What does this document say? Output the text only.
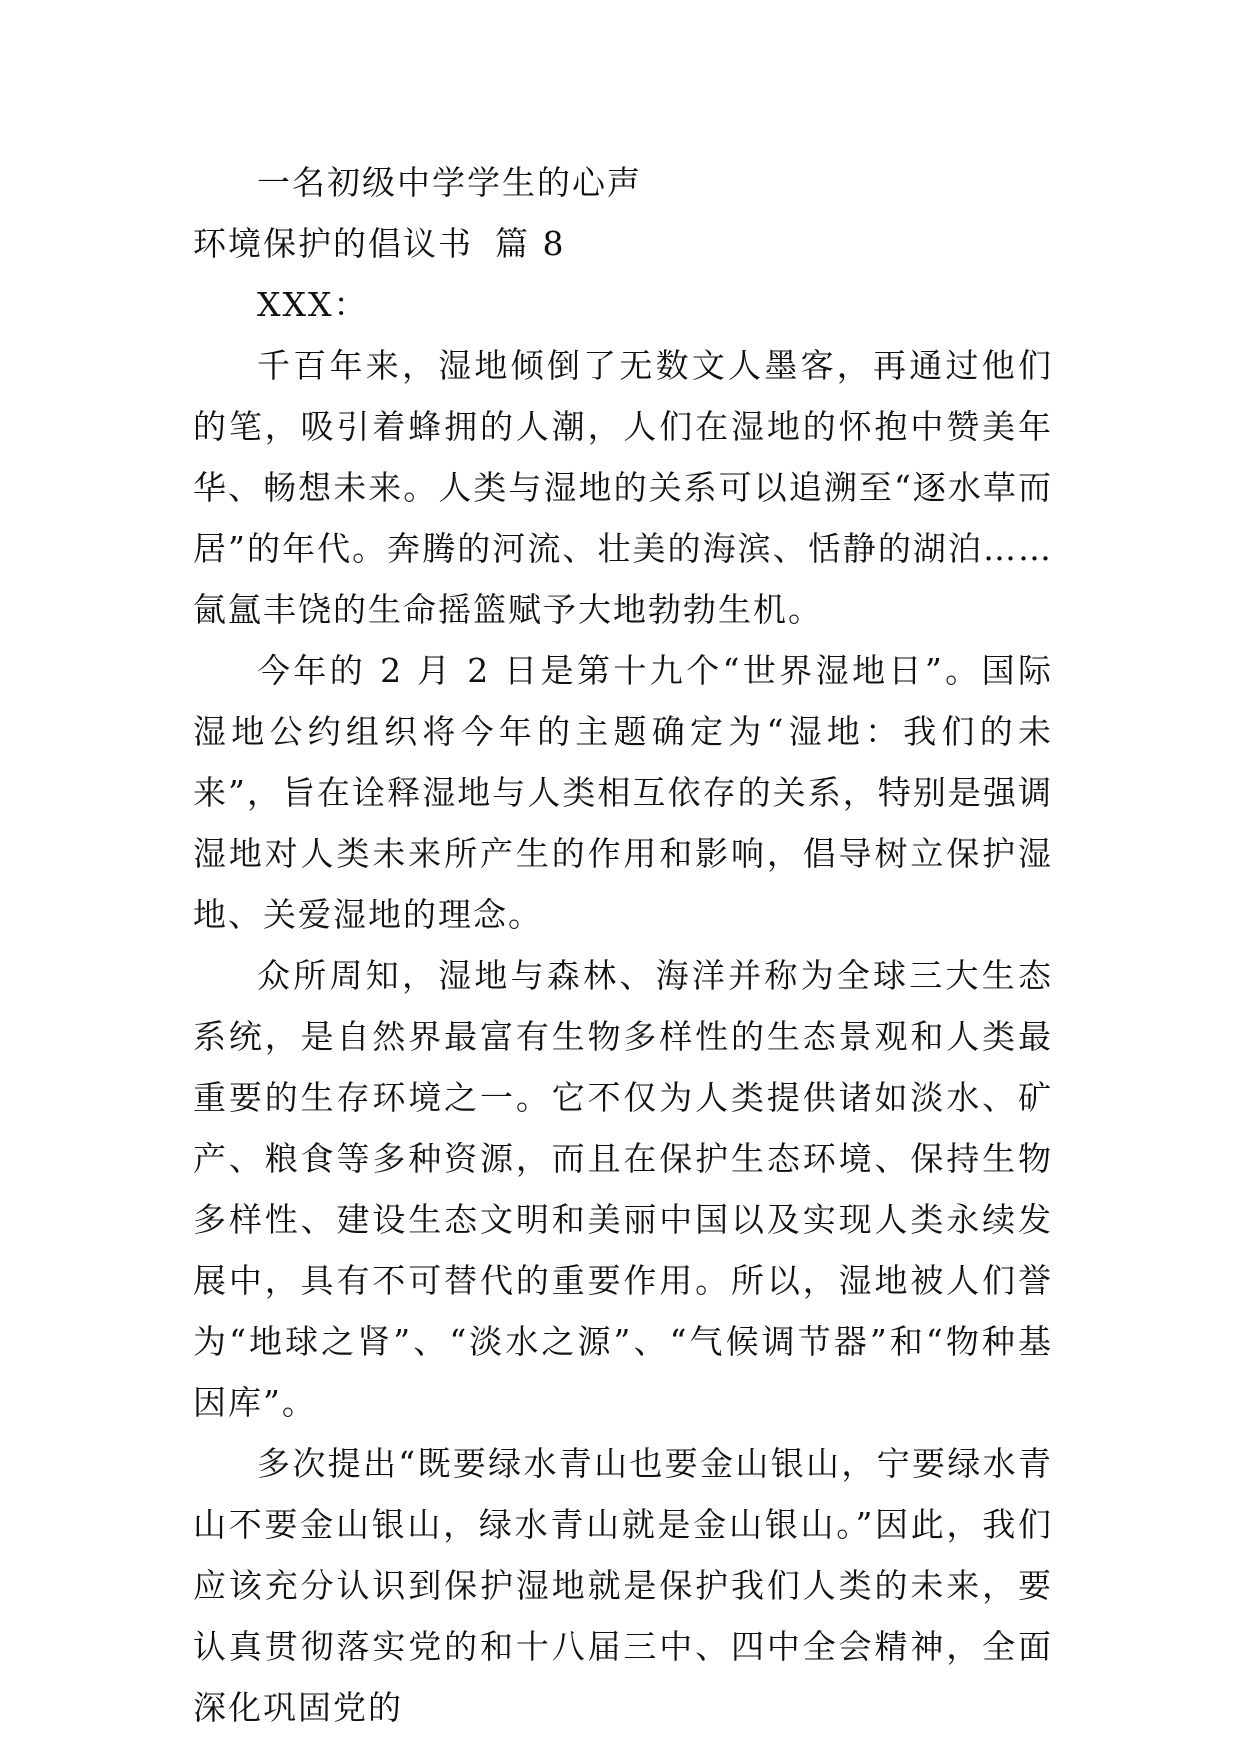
一名初级中学学生的心声

环境保护的倡议书 篇 8

XXX：

千百年来，湿地倾倒了无数文人墨客，再通过他们的笔，吸引着蜂拥的人潮，人们在湿地的怀抱中赞美年华、畅想未来。人类与湿地的关系可以追溯至“逐水草而居”的年代。奔腾的河流、壮美的海滨、恬静的湖泊……氤氲丰饶的生命摇篮赋予大地勃勃生机。

今年的 2 月 2 日是第十九个“世界湿地日”。国际湿地公约组织将今年的主题确定为“湿地：我们的未来”，旨在诠释湿地与人类相互依存的关系，特别是强调湿地对人类未来所产生的作用和影响，倡导树立保护湿地、关爱湿地的理念。

众所周知，湿地与森林、海洋并称为全球三大生态系统，是自然界最富有生物多样性的生态景观和人类最重要的生存环境之一。它不仅为人类提供诸如淡水、矿产、粮食等多种资源，而且在保护生态环境、保持生物多样性、建设生态文明和美丽中国以及实现人类永续发展中，具有不可替代的重要作用。所以，湿地被人们誉为“地球之肾”、“淡水之源”、“气候调节器”和“物种基因库”。

多次提出“既要绿水青山也要金山银山，宁要绿水青山不要金山银山，绿水青山就是金山银山。”因此，我们应该充分认识到保护湿地就是保护我们人类的未来，要认真贯彻落实党的和十八届三中、四中全会精神，全面深化巩固党的
